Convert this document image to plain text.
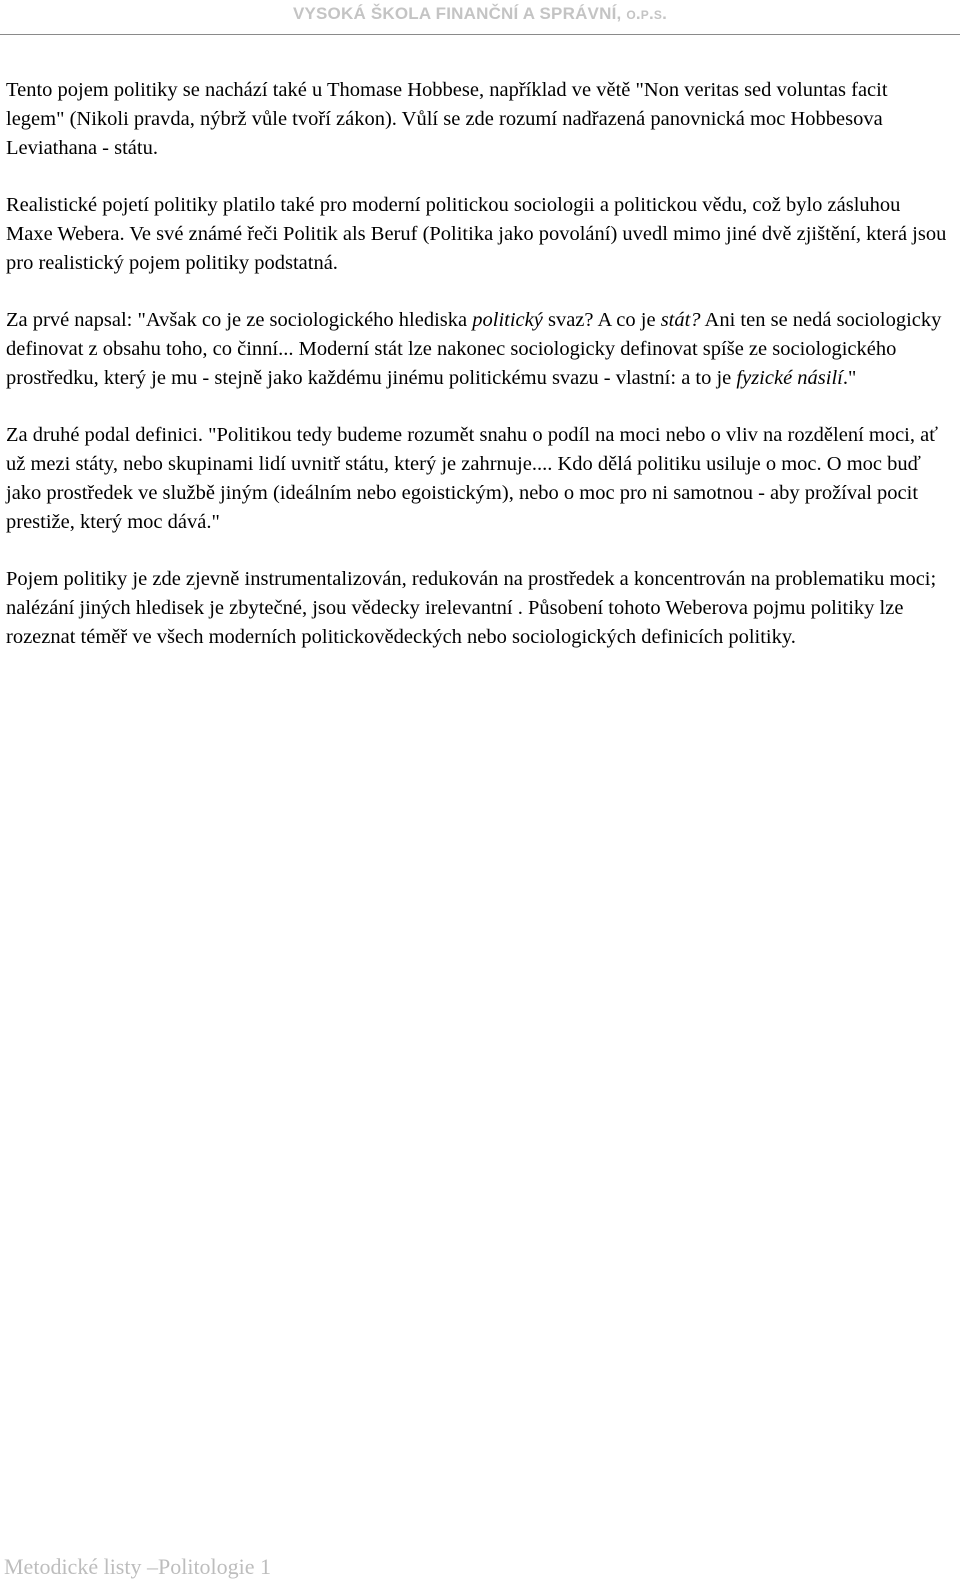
VYSOKÁ ŠKOLA FINANČNÍ A SPRÁVNÍ, o.p.s.

Tento pojem politiky se nachází také u Thomase Hobbese, například ve větě "Non veritas sed voluntas facit legem" (Nikoli pravda, nýbrž vůle tvoří zákon). Vůlí se zde rozumí nadřazená panovnická moc Hobbesova Leviathana - státu.

Realistické pojetí politiky platilo také pro moderní politickou sociologii a politickou vědu, což bylo zásluhou Maxe Webera. Ve své známé řeči Politik als Beruf (Politika jako povolání) uvedl mimo jiné dvě zjištění, která jsou pro realistický pojem politiky podstatná.

Za prvé napsal: "Avšak co je ze sociologického hlediska politický svaz? A co je stát? Ani ten se nedá sociologicky definovat z obsahu toho, co činní... Moderní stát lze nakonec sociologicky definovat spíše ze sociologického prostředku, který je mu - stejně jako každému jinému politickému svazu - vlastní: a to je fyzické násilí."

Za druhé podal definici. "Politikou tedy budeme rozumět snahu o podíl na moci nebo o vliv na rozdělení moci, ať už mezi státy, nebo skupinami lidí uvnitř státu, který je zahrnuje.... Kdo dělá politiku usiluje o moc. O moc buď jako prostředek ve službě jiným (ideálním nebo egoistickým), nebo o moc pro ni samotnou - aby prožíval pocit prestiže, který moc dává."

Pojem politiky je zde zjevně instrumentalizován, redukován na prostředek a koncentrován na problematiku moci; nalézání jiných hledisek je zbytečné, jsou vědecky irelevantní . Působení tohoto Weberova pojmu politiky lze rozeznat téměř ve všech moderních politickovědeckých nebo sociologických definicích politiky.

Metodické listy –Politologie 1
